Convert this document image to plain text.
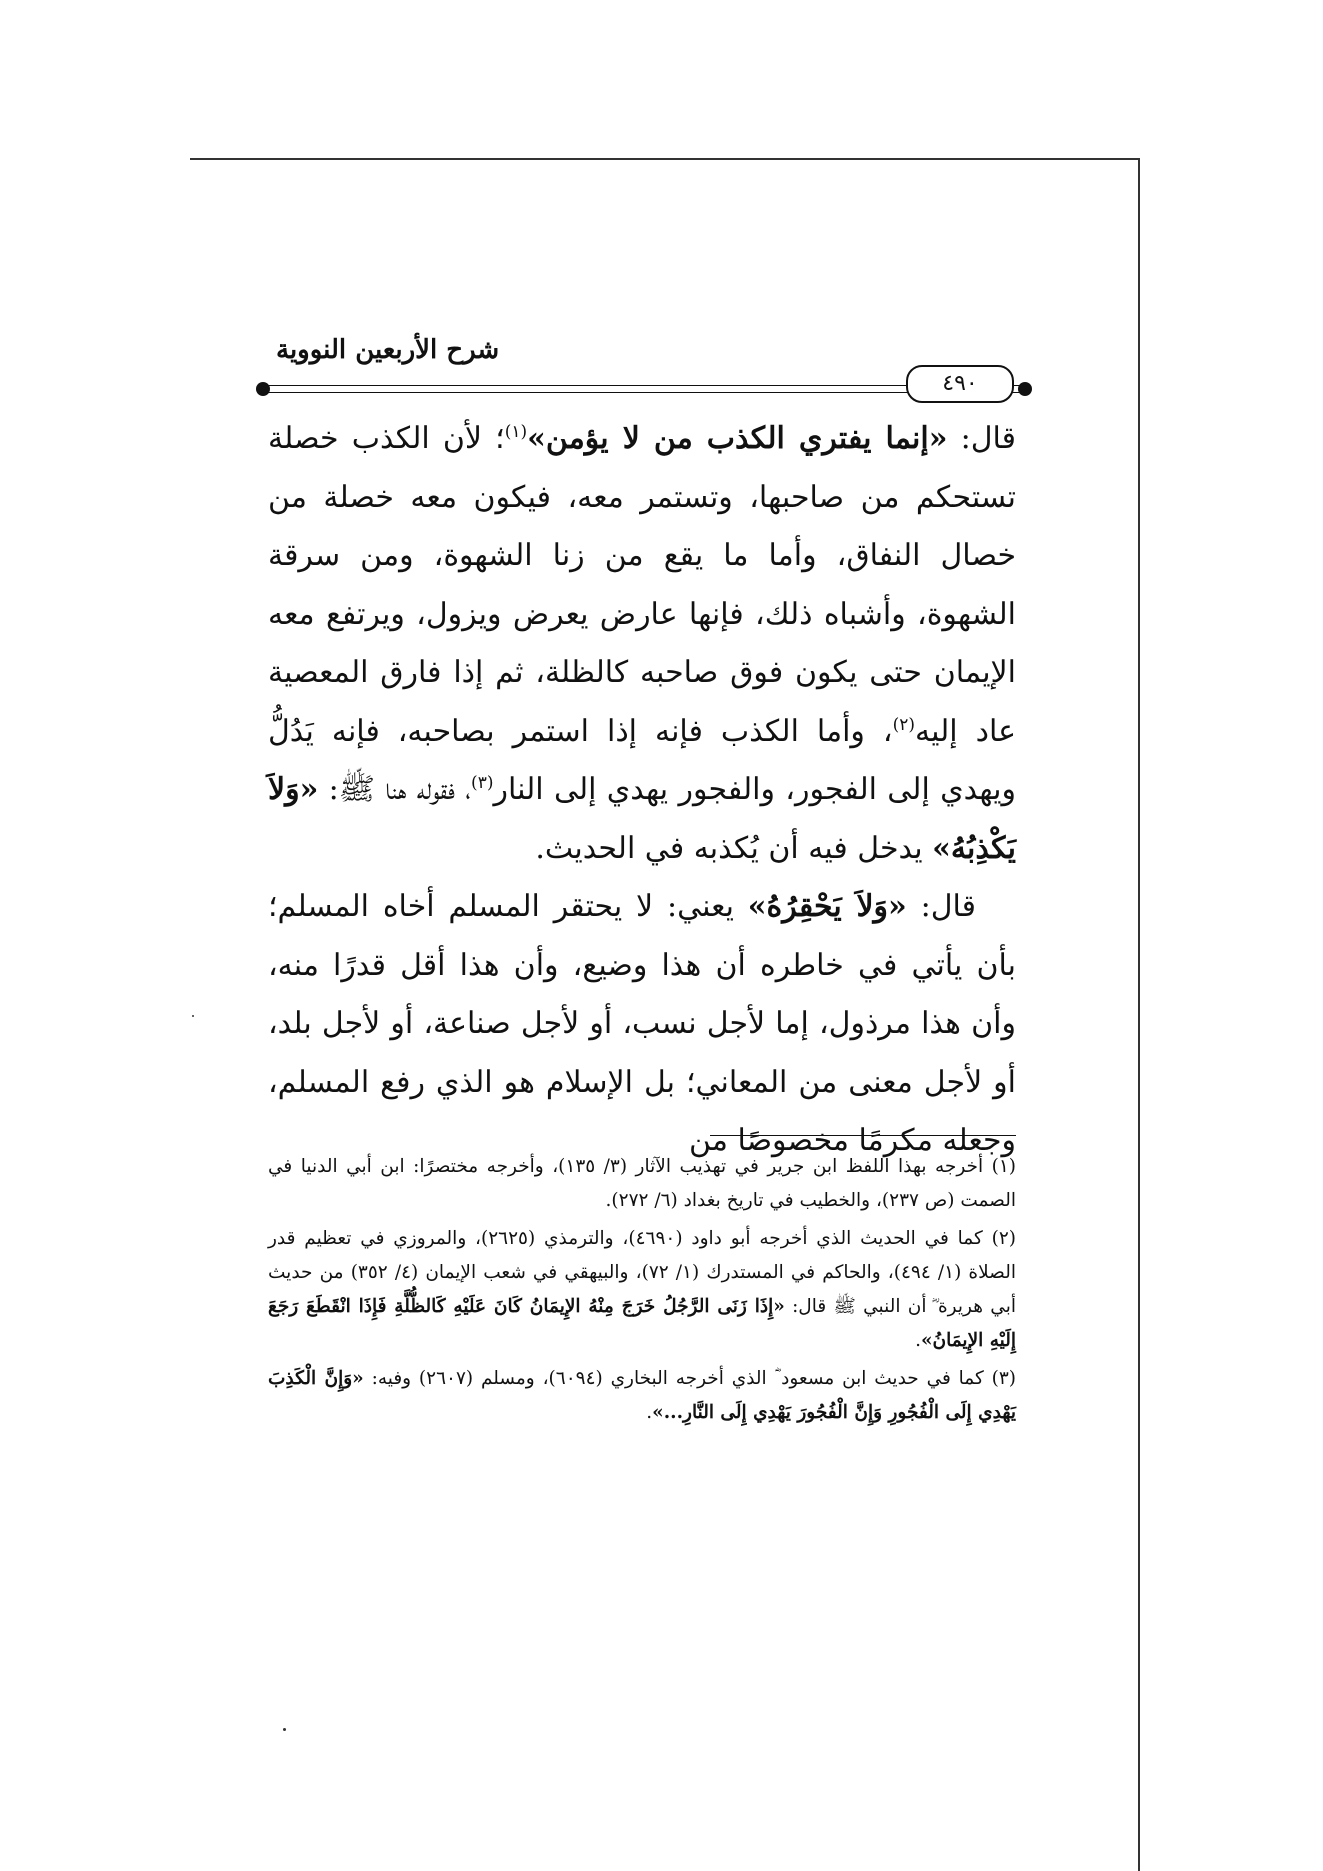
شرح الأربعين النووية
٤٩٠

قال: «إنما يفتري الكذب من لا يؤمن»$^{(١)}$؛ لأن الكذب خصلة تستحكم من صاحبها، وتستمر معه، فيكون معه خصلة من خصال النفاق، وأما ما يقع من زنا الشهوة، ومن سرقة الشهوة، وأشباه ذلك، فإنها عارض يعرض ويزول، ويرتفع معه الإيمان حتى يكون فوق صاحبه كالظلة، ثم إذا فارق المعصية عاد إليه$^{(٢)}$، وأما الكذب فإنه إذا استمر بصاحبه، فإنه يَدُلُّ ويهدي إلى الفجور، والفجور يهدي إلى النار$^{(٣)}$، فقوله هنا ﷺ: «وَلاَ يَكْذِبُهُ» يدخل فيه أن يُكذبه في الحديث.

قال: «وَلاَ يَحْقِرُهُ» يعني: لا يحتقر المسلم أخاه المسلم؛ بأن يأتي في خاطره أن هذا وضيع، وأن هذا أقل قدرًا منه، وأن هذا مرذول، إما لأجل نسب، أو لأجل صناعة، أو لأجل بلد، أو لأجل معنى من المعاني؛ بل الإسلام هو الذي رفع المسلم، وجعله مكرمًا مخصوصًا من

(١) أخرجه بهذا اللفظ ابن جرير في تهذيب الآثار (٣/ ١٣٥)، وأخرجه مختصرًا: ابن أبي الدنيا في الصمت (ص ٢٣٧)، والخطيب في تاريخ بغداد (٦/ ٢٧٢).

(٢) كما في الحديث الذي أخرجه أبو داود (٤٦٩٠)، والترمذي (٢٦٢٥)، والمروزي في تعظيم قدر الصلاة (١/ ٤٩٤)، والحاكم في المستدرك (١/ ٧٢)، والبيهقي في شعب الإيمان (٤/ ٣٥٢) من حديث أبي هريرة ؓ أن النبي ﷺ قال: «إِذَا زَنَى الرَّجُلُ خَرَجَ مِنْهُ الإِيمَانُ كَانَ عَلَيْهِ كَالظُّلَّةِ فَإِذَا انْقَطَعَ رَجَعَ إِلَيْهِ الإِيمَانُ».

(٣) كما في حديث ابن مسعود ؓ الذي أخرجه البخاري (٦٠٩٤)، ومسلم (٢٦٠٧) وفيه: «وَإِنَّ الْكَذِبَ يَهْدِي إِلَى الْفُجُورِ وَإِنَّ الْفُجُورَ يَهْدِي إِلَى النَّارِ...».
